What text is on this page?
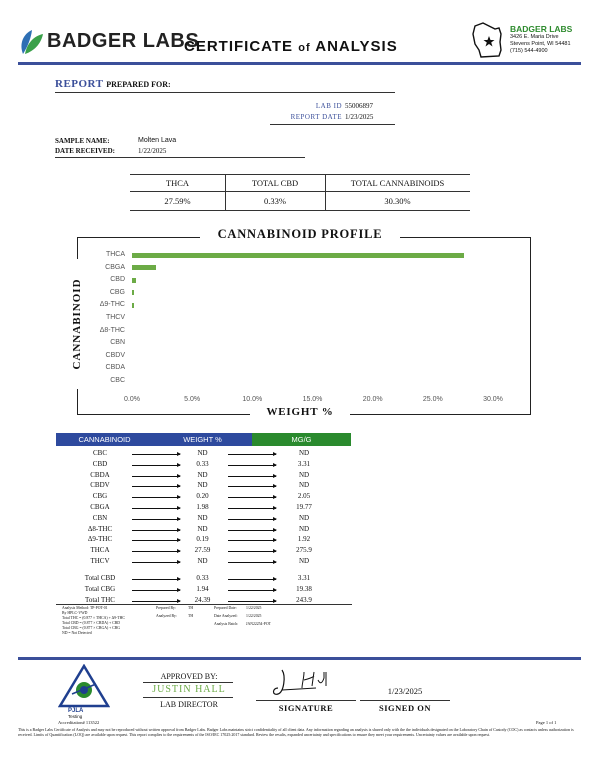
BADGER LABS
CERTIFICATE of ANALYSIS
BADGER LABS
3426 E. Maria Drive
Stevens Point, WI 54481
(715) 544-4900
REPORT PREPARED FOR:
LAB ID 55006897
REPORT DATE 1/23/2025
SAMPLE NAME:	Molten Lava
DATE RECEIVED:	1/22/2025
THCA	TOTAL CBD	TOTAL CANNABINOIDS
27.59%	0.33%	30.30%
CANNABINOID PROFILE
CANNABINOID
WEIGHT %
THCA
CBGA
CBD
CBG
Δ9-THC
THCV
Δ8-THC
CBN
CBDV
CBDA
CBC
0.0%	5.0%	10.0%	15.0%	20.0%	25.0%	30.0%
CANNABINOID	WEIGHT %	MG/G
CBC	ND	ND
CBD	0.33	3.31
CBDA	ND	ND
CBDV	ND	ND
CBG	0.20	2.05
CBGA	1.98	19.77
CBN	ND	ND
Δ8-THC	ND	ND
Δ9-THC	0.19	1.92
THCA	27.59	275.9
THCV	ND	ND
Total CBD	0.33	3.31
Total CBG	1.94	19.38
Total THC	24.39	243.9
Analysis Method: TP-POT-01
By HPLC-VWD
Total THC = (0.877 × THCA) + Δ9-THC
Total CBD = (0.877 × CBDA) + CBD
Total CBG = (0.877 × CBGA) + CBG
ND = Not Detected
Prepared By:	TH	Prepared Date: 1/22/2025
Analyzed By:	TH	Date Analyzed: 1/22/2025
Analysis Batch: JAN22254-POT
PJLA
Testing
Accreditation# 113522
APPROVED BY:
JUSTIN HALL
LAB DIRECTOR	SIGNATURE
1/23/2025
SIGNED ON
Page 1 of 1
This is a Badger Labs Certificate of Analysis and may not be reproduced without written approval from Badger Labs. Badger Labs maintains strict confidentiality of all client data. Any information regarding an analysis is shared only with the the individuals designated on the Laboratory Chain of Custody (COC) as contacts unless authorization is received. Limits of Quantification (LOQ) are available upon request. This report complies to the requirements of the ISO/IEC 17025:2017 standard. Review the results, expanded uncertainty and specifications to ensure they meet your requirements. Uncertainty values are available upon request.
